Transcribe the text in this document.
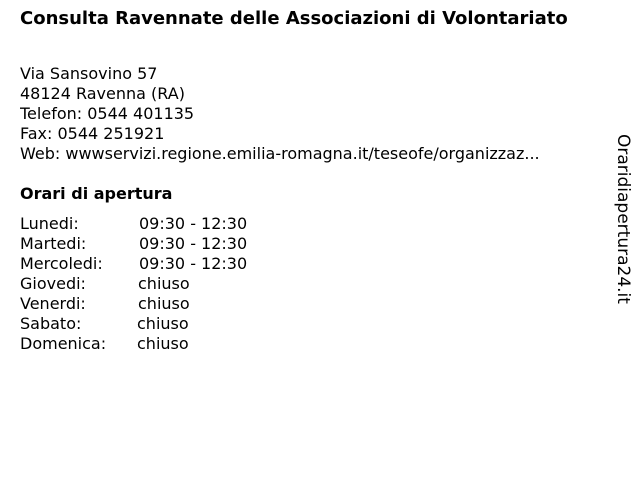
Consulta Ravennate delle Associazioni di Volontariato
Via Sansovino 57
48124 Ravenna (RA)
Telefon: 0544 401135
Fax: 0544 251921
Web: wwwservizi.regione.emilia-romagna.it/teseofe/organizzaz...
Orari di apertura
Lunedi:	09:30 - 12:30
Martedi:	09:30 - 12:30
Mercoledi: 09:30 - 12:30
Giovedi:	chiuso
Venerdi:	chiuso
Sabato:	chiuso
Domenica: chiuso
Oraridiapertura24.it
